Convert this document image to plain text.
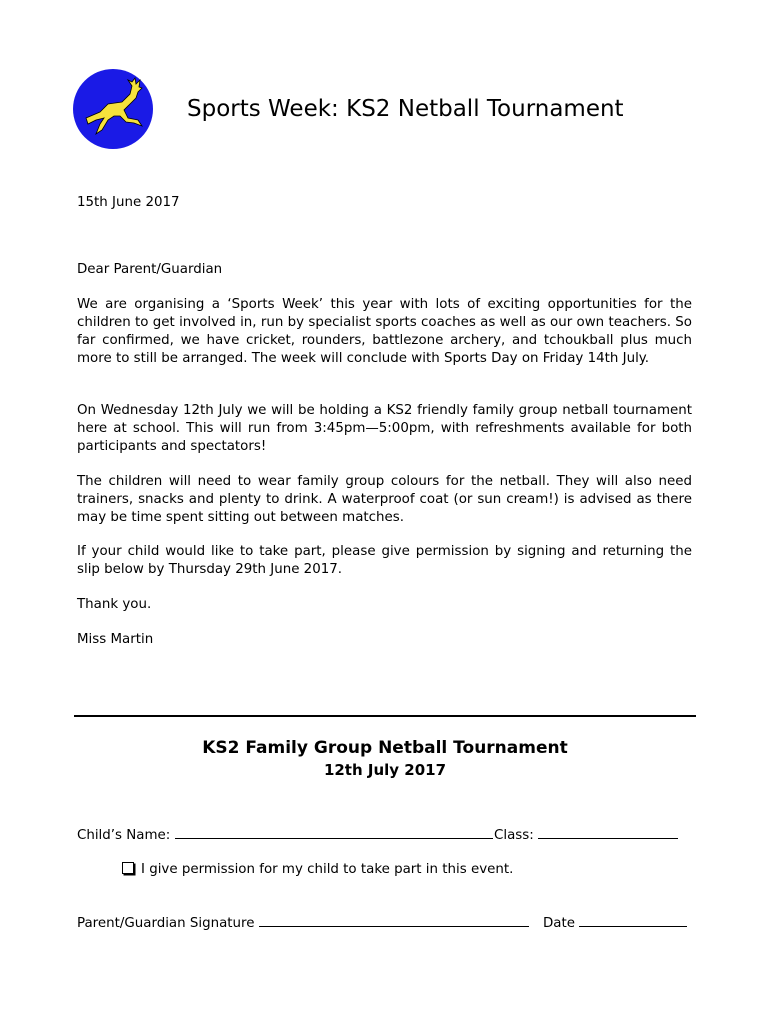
Sports Week: KS2 Netball Tournament
15th June 2017
Dear Parent/Guardian

We are organising a ‘Sports Week’ this year with lots of exciting opportunities for the children to get involved in, run by specialist sports coaches as well as our own teachers. So far confirmed, we have cricket, rounders, battlezone archery, and tchoukball plus much more to still be arranged. The week will conclude with Sports Day on Friday 14th July.

On Wednesday 12th July we will be holding a KS2 friendly family group netball tournament here at school. This will run from 3:45pm—5:00pm, with refreshments available for both participants and spectators!

The children will need to wear family group colours for the netball. They will also need trainers, snacks and plenty to drink. A waterproof coat (or sun cream!) is advised as there may be time spent sitting out between matches.

If your child would like to take part, please give permission by signing and returning the slip below by Thursday 29th June 2017.

Thank you.
Miss Martin
KS2 Family Group Netball Tournament
12th July 2017
Child’s Name:	Class:
I give permission for my child to take part in this event.
Parent/Guardian Signature	Date
